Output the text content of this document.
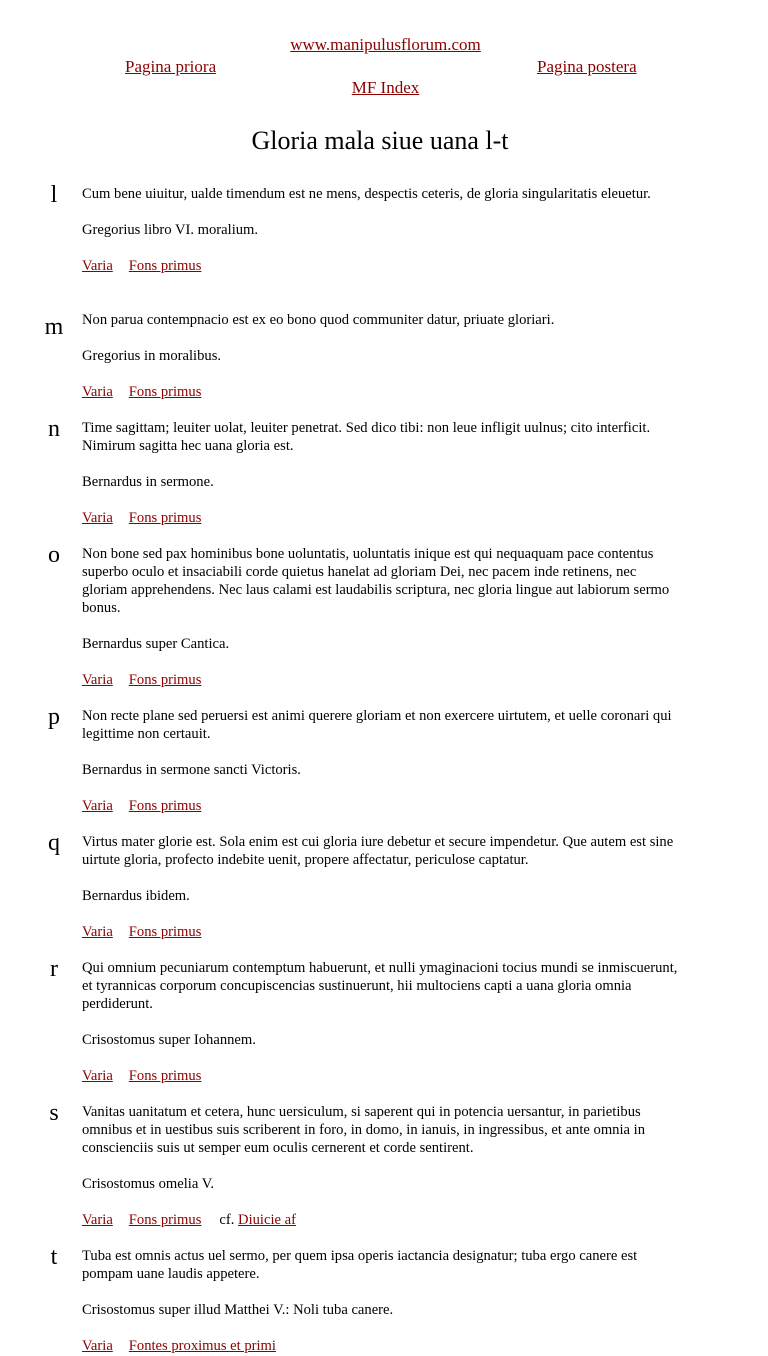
www.manipulusflorum.com
Pagina priora	Pagina postera
MF Index
Gloria mala siue uana l-t
l	Cum bene uiuitur, ualde timendum est ne mens, despectis ceteris, de gloria singularitatis eleuetur.

Gregorius libro VI. moralium.

Varia Fons primus

m	Non parua contempnacio est ex eo bono quod communiter datur, priuate gloriari.

Gregorius in moralibus.

Varia Fons primus

n	Time sagittam; leuiter uolat, leuiter penetrat. Sed dico tibi: non leue infligit uulnus; cito interficit. Nimirum sagitta hec uana gloria est.

Bernardus in sermone.

Varia Fons primus

o	Non bone sed pax hominibus bone uoluntatis, uoluntatis inique est qui nequaquam pace contentus superbo oculo et insaciabili corde quietus hanelat ad gloriam Dei, nec pacem inde retinens, nec gloriam apprehendens. Nec laus calami est laudabilis scriptura, nec gloria lingue aut labiorum sermo bonus.

Bernardus super Cantica.

Varia Fons primus

p	Non recte plane sed peruersi est animi querere gloriam et non exercere uirtutem, et uelle coronari qui legittime non certauit.

Bernardus in sermone sancti Victoris.

Varia Fons primus

q	Virtus mater glorie est. Sola enim est cui gloria iure debetur et secure impendetur. Que autem est sine uirtute gloria, profecto indebite uenit, propere affectatur, periculose captatur.

Bernardus ibidem.

Varia Fons primus

r	Qui omnium pecuniarum contemptum habuerunt, et nulli ymaginacioni tocius mundi se inmiscuerunt, et tyrannicas corporum concupiscencias sustinuerunt, hii multociens capti a uana gloria omnia perdiderunt.

Crisostomus super Iohannem.

Varia Fons primus

s	Vanitas uanitatum et cetera, hunc uersiculum, si saperent qui in potencia uersantur, in parietibus omnibus et in uestibus suis scriberent in foro, in domo, in ianuis, in ingressibus, et ante omnia in conscienciis suis ut semper eum oculis cernerent et corde sentirent.

Crisostomus omelia V.

Varia Fons primus cf. Diuicie af

t	Tuba est omnis actus uel sermo, per quem ipsa operis iactancia designatur; tuba ergo canere est pompam uane laudis appetere.

Crisostomus super illud Matthei V.: Noli tuba canere.

Varia Fontes proximus et primi
